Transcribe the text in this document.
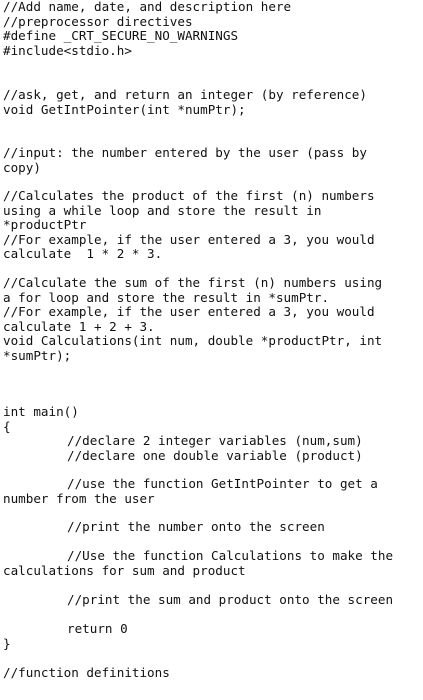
//Add name, date, and description here

//preprocessor directives

#define _CRT_SECURE_NO_WARNINGS

#include<stdio.h>

//ask, get, and return an integer (by reference)

void GetIntPointer(int *numPtr);

//input: the number entered by the user (pass by

copy)

//Calculates the product of the first (n) numbers

using a while loop and store the result in

*productPtr

//For example, if the user entered a 3, you would

calculate  1 * 2 * 3.

//Calculate the sum of the first (n) numbers using

a for loop and store the result in *sumPtr.

//For example, if the user entered a 3, you would

calculate 1 + 2 + 3.

void Calculations(int num, double *productPtr, int

*sumPtr);

int main()

{

//declare 2 integer variables (num,sum)

//declare one double variable (product)

//use the function GetIntPointer to get a

number from the user

//print the number onto the screen

//Use the function Calculations to make the

calculations for sum and product

//print the sum and product onto the screen

return 0

}

//function definitions
